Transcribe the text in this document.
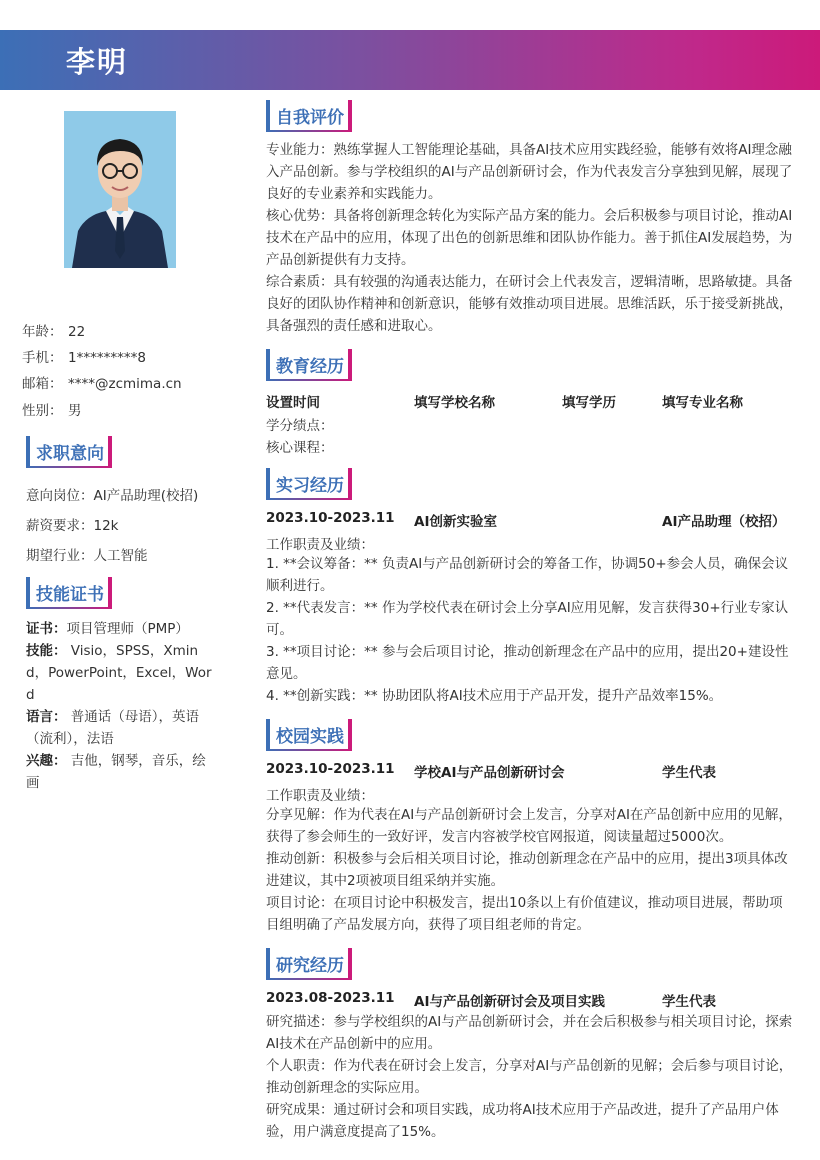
李明
年龄： 22
手机： 1*********8
邮箱： ****@zcmima.cn
性别： 男
求职意向
意向岗位：AI产品助理(校招)
薪资要求：12k
期望行业：人工智能
技能证书
证书：项目管理师（PMP）
技能： Visio，SPSS，Xmind，PowerPoint，Excel，Word
语言： 普通话（母语），英语（流利），法语
兴趣： 吉他，钢琴，音乐，绘画
自我评价
专业能力：熟练掌握人工智能理论基础，具备AI技术应用实践经验，能够有效将AI理念融入产品创新。参与学校组织的AI与产品创新研讨会，作为代表发言分享独到见解，展现了良好的专业素养和实践能力。
核心优势：具备将创新理念转化为实际产品方案的能力。会后积极参与项目讨论，推动AI技术在产品中的应用，体现了出色的创新思维和团队协作能力。善于抓住AI发展趋势，为产品创新提供有力支持。
综合素质：具有较强的沟通表达能力，在研讨会上代表发言，逻辑清晰，思路敏捷。具备良好的团队协作精神和创新意识，能够有效推动项目进展。思维活跃，乐于接受新挑战，具备强烈的责任感和进取心。
教育经历
设置时间	填写学校名称	填写学历	填写专业名称
学分绩点：
核心课程：
实习经历
2023.10-2023.11 AI创新实验室	AI产品助理（校招）
工作职责及业绩：
1. **会议筹备：** 负责AI与产品创新研讨会的筹备工作，协调50+参会人员，确保会议顺利进行。
2. **代表发言：** 作为学校代表在研讨会上分享AI应用见解，发言获得30+行业专家认可。
3. **项目讨论：** 参与会后项目讨论，推动创新理念在产品中的应用，提出20+建设性意见。
4. **创新实践：** 协助团队将AI技术应用于产品开发，提升产品效率15%。
校园实践
2023.10-2023.11 学校AI与产品创新研讨会	学生代表
工作职责及业绩：
分享见解：作为代表在AI与产品创新研讨会上发言，分享对AI在产品创新中应用的见解，获得了参会师生的一致好评，发言内容被学校官网报道，阅读量超过5000次。
推动创新：积极参与会后相关项目讨论，推动创新理念在产品中的应用，提出3项具体改进建议，其中2项被项目组采纳并实施。
项目讨论：在项目讨论中积极发言，提出10条以上有价值建议，推动项目进展，帮助项目组明确了产品发展方向，获得了项目组老师的肯定。
研究经历
2023.08-2023.11 AI与产品创新研讨会及项目实践	学生代表
研究描述：参与学校组织的AI与产品创新研讨会，并在会后积极参与相关项目讨论，探索AI技术在产品创新中的应用。
个人职责：作为代表在研讨会上发言，分享对AI与产品创新的见解；会后参与项目讨论，推动创新理念的实际应用。
研究成果：通过研讨会和项目实践，成功将AI技术应用于产品改进，提升了产品用户体验，用户满意度提高了15%。
